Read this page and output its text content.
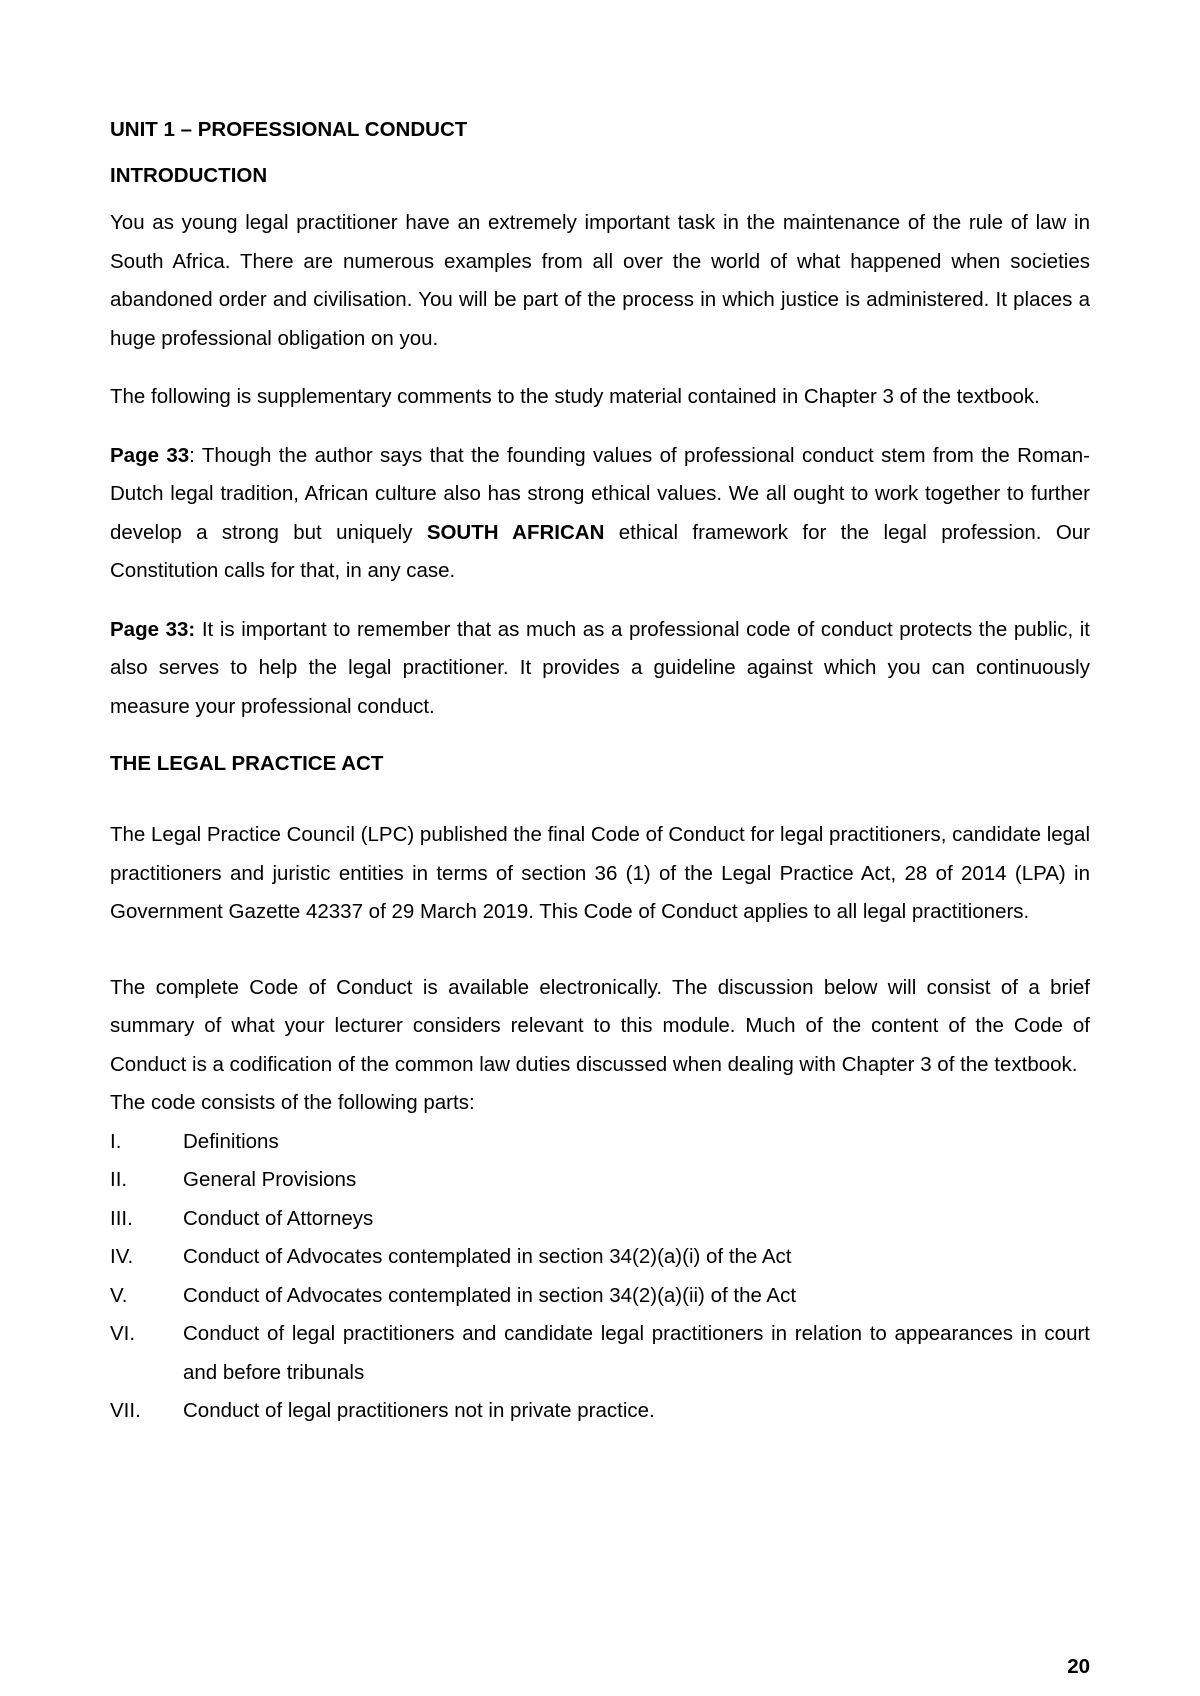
UNIT 1 – PROFESSIONAL CONDUCT
INTRODUCTION

You as young legal practitioner have an extremely important task in the maintenance of the rule of law in South Africa. There are numerous examples from all over the world of what happened when societies abandoned order and civilisation. You will be part of the process in which justice is administered. It places a huge professional obligation on you.

The following is supplementary comments to the study material contained in Chapter 3 of the textbook.

Page 33: Though the author says that the founding values of professional conduct stem from the Roman-Dutch legal tradition, African culture also has strong ethical values. We all ought to work together to further develop a strong but uniquely SOUTH AFRICAN ethical framework for the legal profession. Our Constitution calls for that, in any case.

Page 33: It is important to remember that as much as a professional code of conduct protects the public, it also serves to help the legal practitioner. It provides a guideline against which you can continuously measure your professional conduct.

THE LEGAL PRACTICE ACT

The Legal Practice Council (LPC) published the final Code of Conduct for legal practitioners, candidate legal practitioners and juristic entities in terms of section 36 (1) of the Legal Practice Act, 28 of 2014 (LPA) in Government Gazette 42337 of 29 March 2019. This Code of Conduct applies to all legal practitioners.

The complete Code of Conduct is available electronically. The discussion below will consist of a brief summary of what your lecturer considers relevant to this module. Much of the content of the Code of Conduct is a codification of the common law duties discussed when dealing with Chapter 3 of the textbook.

The code consists of the following parts:

I.	Definitions
II.	General Provisions
III.	Conduct of Attorneys
IV.	Conduct of Advocates contemplated in section 34(2)(a)(i) of the Act
V.	Conduct of Advocates contemplated in section 34(2)(a)(ii) of the Act
VI.	Conduct of legal practitioners and candidate legal practitioners in relation to appearances in court and before tribunals
VII.	Conduct of legal practitioners not in private practice.
20
